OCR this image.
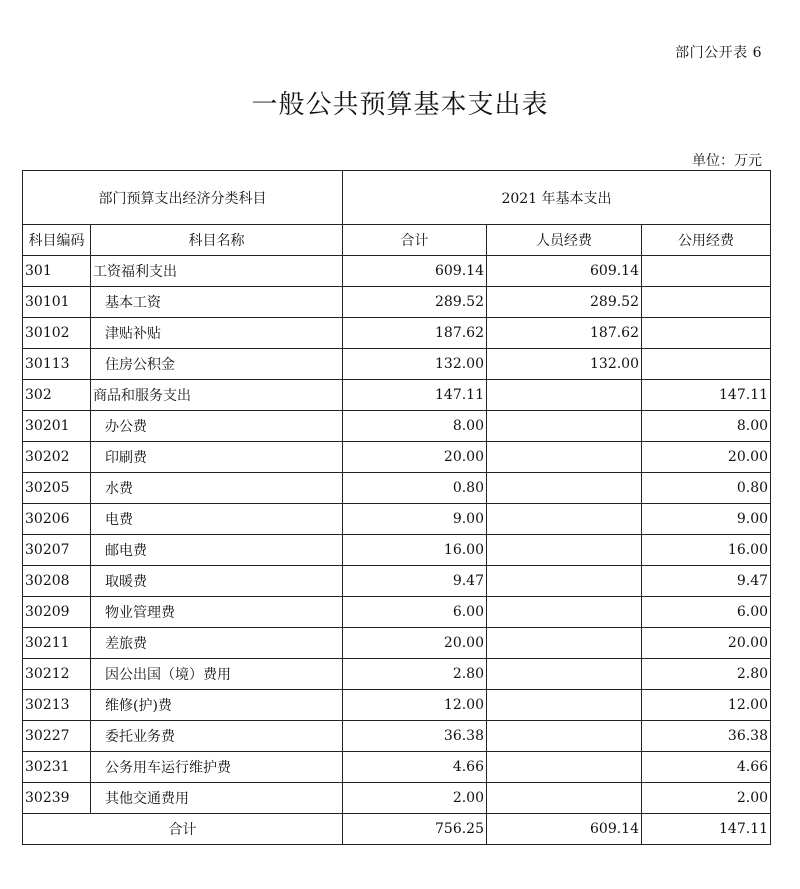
部门公开表 6
一般公共预算基本支出表
单位：万元
部门预算支出经济分类科目		2021 年基本支出		
科目编码	科目名称	合计	人员经费	公用经费
301	工资福利支出	609.14	609.14	
30101	基本工资	289.52	289.52	
30102	津贴补贴	187.62	187.62	
30113	住房公积金	132.00	132.00	
302	商品和服务支出	147.11		147.11
30201	办公费	8.00		8.00
30202	印刷费	20.00		20.00
30205	水费	0.80		0.80
30206	电费	9.00		9.00
30207	邮电费	16.00		16.00
30208	取暖费	9.47		9.47
30209	物业管理费	6.00		6.00
30211	差旅费	20.00		20.00
30212	因公出国（境）费用	2.80		2.80
30213	维修(护)费	12.00		12.00
30227	委托业务费	36.38		36.38
30231	公务用车运行维护费	4.66		4.66
30239	其他交通费用	2.00		2.00
合计		756.25	609.14	147.11
